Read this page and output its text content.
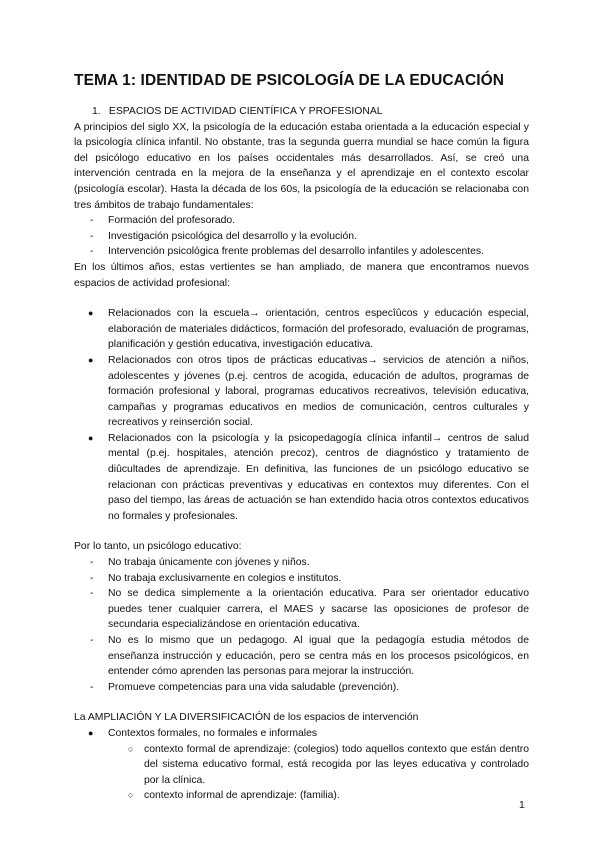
TEMA 1: IDENTIDAD DE PSICOLOGÍA DE LA EDUCACIÓN

1. ESPACIOS DE ACTIVIDAD CIENTÍFICA Y PROFESIONAL

A principios del siglo XX, la psicología de la educación estaba orientada a la educación especial y la psicología clínica infantil. No obstante, tras la segunda guerra mundial se hace común la figura del psicólogo educativo en los países occidentales más desarrollados. Así, se creó una intervención centrada en la mejora de la enseñanza y el aprendizaje en el contexto escolar (psicología escolar). Hasta la década de los 60s, la psicología de la educación se relacionaba con tres ámbitos de trabajo fundamentales:

- Formación del profesorado.
- Investigación psicológica del desarrollo y la evolución.
- Intervención psicológica frente problemas del desarrollo infantiles y adolescentes.

En los últimos años, estas vertientes se han ampliado, de manera que encontramos nuevos espacios de actividad profesional:

● Relacionados con la escuela→ orientación, centros especîûcos y educación especial, elaboración de materiales didácticos, formación del profesorado, evaluación de programas, planificación y gestión educativa, investigación educativa.
● Relacionados con otros tipos de prácticas educativas→ servicios de atención a niños, adolescentes y jóvenes (p.ej. centros de acogida, educación de adultos, programas de formación profesional y laboral, programas educativos recreativos, televisión educativa, campañas y programas educativos en medios de comunicación, centros culturales y recreativos y reinserción social.
● Relacionados con la psicología y la psicopedagogía clínica infantil→ centros de salud mental (p.ej. hospitales, atención precoz), centros de diagnóstico y tratamiento de diûcultades de aprendizaje. En definitiva, las funciones de un psicólogo educativo se relacionan con prácticas preventivas y educativas en contextos muy diferentes. Con el paso del tiempo, las áreas de actuación se han extendido hacia otros contextos educativos no formales y profesionales.

Por lo tanto, un psicólogo educativo:

- No trabaja únicamente con jóvenes y niños.
- No trabaja exclusivamente en colegios e institutos.
- No se dedica simplemente a la orientación educativa. Para ser orientador educativo puedes tener cualquier carrera, el MAES y sacarse las oposiciones de profesor de secundaria especializándose en orientación educativa.
- No es lo mismo que un pedagogo. Al igual que la pedagogía estudia métodos de enseñanza instrucción y educación, pero se centra más en los procesos psicológicos, en entender cómo aprenden las personas para mejorar la instrucción.
- Promueve competencias para una vida saludable (prevención).

La AMPLIACIÓN Y LA DIVERSIFICACIÓN de los espacios de intervención

● Contextos formales, no formales e informales
○ contexto formal de aprendizaje: (colegios) todo aquellos contexto que están dentro del sistema educativo formal, está recogida por las leyes educativa y controlado por la clínica.
○ contexto informal de aprendizaje: (familia).
1
